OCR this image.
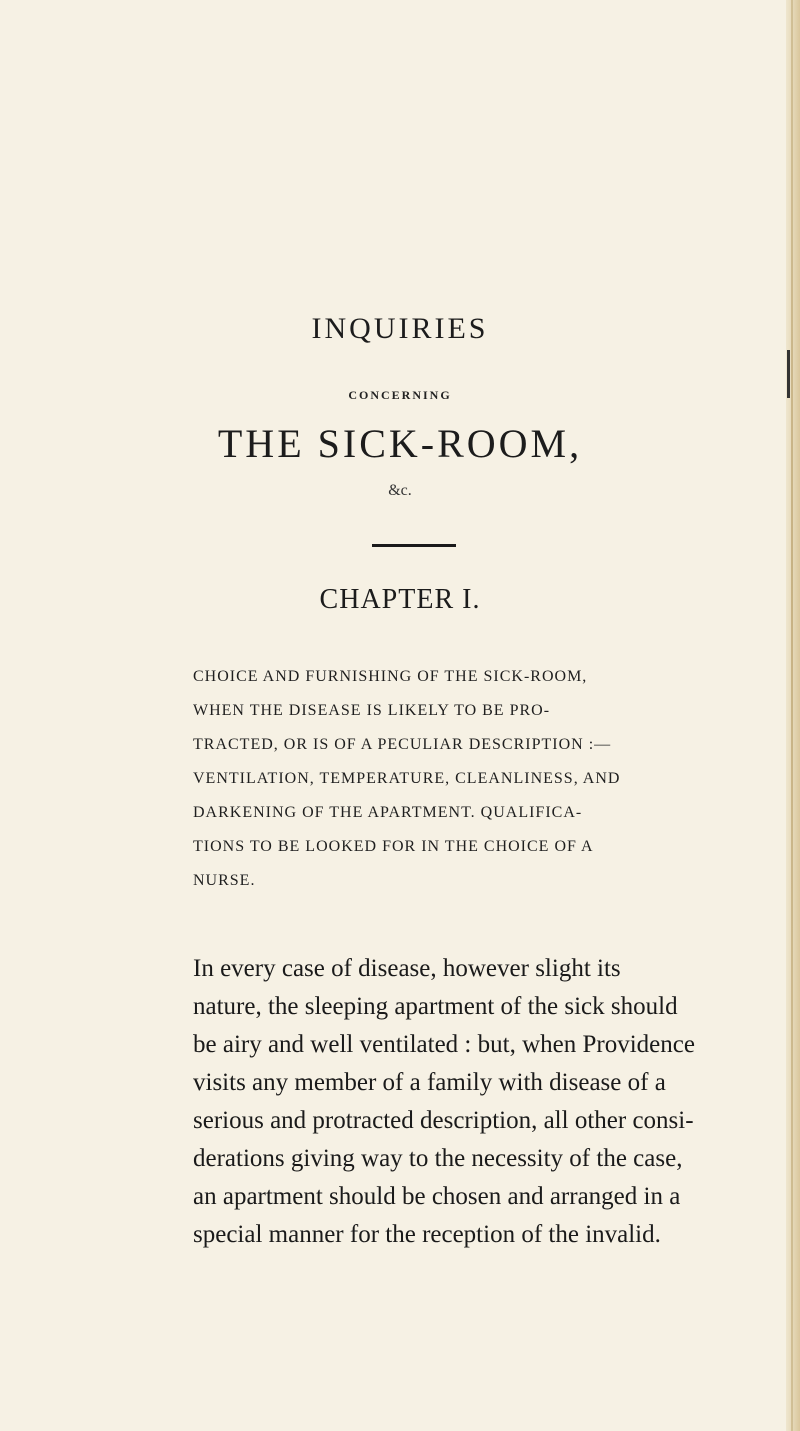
INQUIRIES
CONCERNING
THE SICK-ROOM,
&c.
CHAPTER I.
CHOICE AND FURNISHING OF THE SICK-ROOM,
WHEN THE DISEASE IS LIKELY TO BE PRO-
TRACTED, OR IS OF A PECULIAR DESCRIPTION :—
VENTILATION, TEMPERATURE, CLEANLINESS, AND
DARKENING OF THE APARTMENT. QUALIFICA-
TIONS TO BE LOOKED FOR IN THE CHOICE OF A
NURSE.
In every case of disease, however slight its
nature, the sleeping apartment of the sick should
be airy and well ventilated : but, when Providence
visits any member of a family with disease of a
serious and protracted description, all other consi-
derations giving way to the necessity of the case,
an apartment should be chosen and arranged in a
special manner for the reception of the invalid.
